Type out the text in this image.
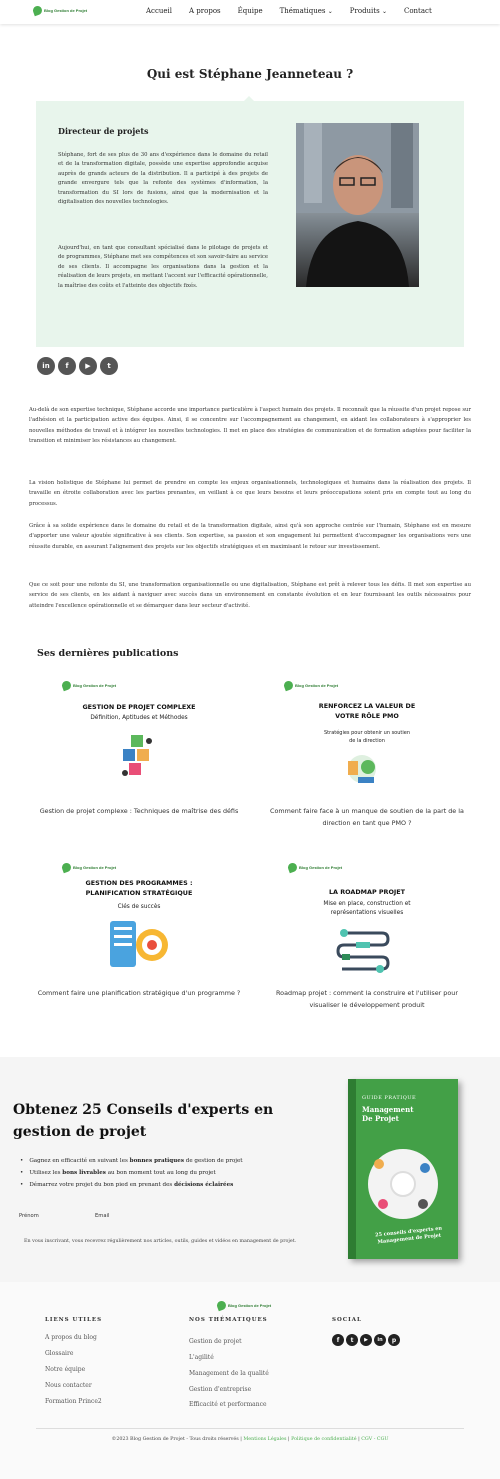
Blog Gestion de Projet	Accueil A propos Équipe Thématiques ⌄ Produits ⌄ Contact
Qui est Stéphane Jeanneteau ?
Directeur de projets

Stéphane, fort de ses plus de 30 ans d'expérience dans le domaine du retail et de la transformation digitale, possède une expertise approfondie acquise auprès de grands acteurs de la distribution. Il a participé à des projets de grande envergure tels que la refonte des systèmes d'information, la transformation du SI lors de fusions, ainsi que la modernisation et la digitalisation des nouvelles technologies.

Aujourd'hui, en tant que consultant spécialisé dans le pilotage de projets et de programmes, Stéphane met ses compétences et son savoir-faire au service de ses clients. Il accompagne les organisations dans la gestion et la réalisation de leurs projets, en mettant l'accent sur l'efficacité opérationnelle, la maîtrise des coûts et l'atteinte des objectifs fixés.

in	f	▶	t

Au-delà de son expertise technique, Stéphane accorde une importance particulière à l'aspect humain des projets. Il reconnaît que la réussite d'un projet repose sur l'adhésion et la participation active des équipes. Ainsi, il se concentre sur l'accompagnement au changement, en aidant les collaborateurs à s'approprier les nouvelles méthodes de travail et à intégrer les nouvelles technologies. Il met en place des stratégies de communication et de formation adaptées pour faciliter la transition et minimiser les résistances au changement.

La vision holistique de Stéphane lui permet de prendre en compte les enjeux organisationnels, technologiques et humains dans la réalisation des projets. Il travaille en étroite collaboration avec les parties prenantes, en veillant à ce que leurs besoins et leurs préoccupations soient pris en compte tout au long du processus.

Grâce à sa solide expérience dans le domaine du retail et de la transformation digitale, ainsi qu'à son approche centrée sur l'humain, Stéphane est en mesure d'apporter une valeur ajoutée significative à ses clients. Son expertise, sa passion et son engagement lui permettent d'accompagner les organisations vers une réussite durable, en assurant l'alignement des projets sur les objectifs stratégiques et en maximisant le retour sur investissement.

Que ce soit pour une refonte du SI, une transformation organisationnelle ou une digitalisation, Stéphane est prêt à relever tous les défis. Il met son expertise au service de ses clients, en les aidant à naviguer avec succès dans un environnement en constante évolution et en leur fournissant les outils nécessaires pour atteindre l'excellence opérationnelle et se démarquer dans leur secteur d'activité.

Ses dernières publications
Blog Gestion de Projet
GESTION DE PROJET COMPLEXE
Définition, Aptitudes et Méthodes
Gestion de projet complexe : Techniques de maîtrise des défis
Blog Gestion de Projet
RENFORCEZ LA VALEUR DE VOTRE RÔLE PMO
Stratégies pour obtenir un soutien de la direction
Comment faire face à un manque de soutien de la part de la direction en tant que PMO ?
Blog Gestion de Projet
GESTION DES PROGRAMMES : PLANIFICATION STRATÉGIQUE
Clés de succès
Comment faire une planification stratégique d'un programme ?
Blog Gestion de Projet
LA ROADMAP PROJET
Mise en place, construction et représentations visuelles
Roadmap projet : comment la construire et l'utiliser pour visualiser le développement produit
Obtenez 25 Conseils d'experts en gestion de projet
• Gagnez en efficacité en suivant les bonnes pratiques de gestion de projet
• Utilisez les bons livrables au bon moment tout au long du projet
• Démarrez votre projet du bon pied en prenant des décisions éclairées
Prénom	Email

En vous inscrivant, vous recevrez régulièrement nos articles, outils, guides et vidéos en management de projet.

GUIDE PRATIQUE
Management De Projet
25 conseils d'experts en Management de Projet
Blog Gestion de Projet
LIENS UTILES
A propos du blog
Glossaire
Notre équipe
Nous contacter
Formation Prince2
NOS THÉMATIQUES
Gestion de projet
L'agilité
Management de la qualité
Gestion d'entreprise
Efficacité et performance
SOCIAL
f	t	▶	in	p
©2023 Blog Gestion de Projet - Tous droits réservés | Mentions Légales | Politique de confidentialité | CGV - CGU
